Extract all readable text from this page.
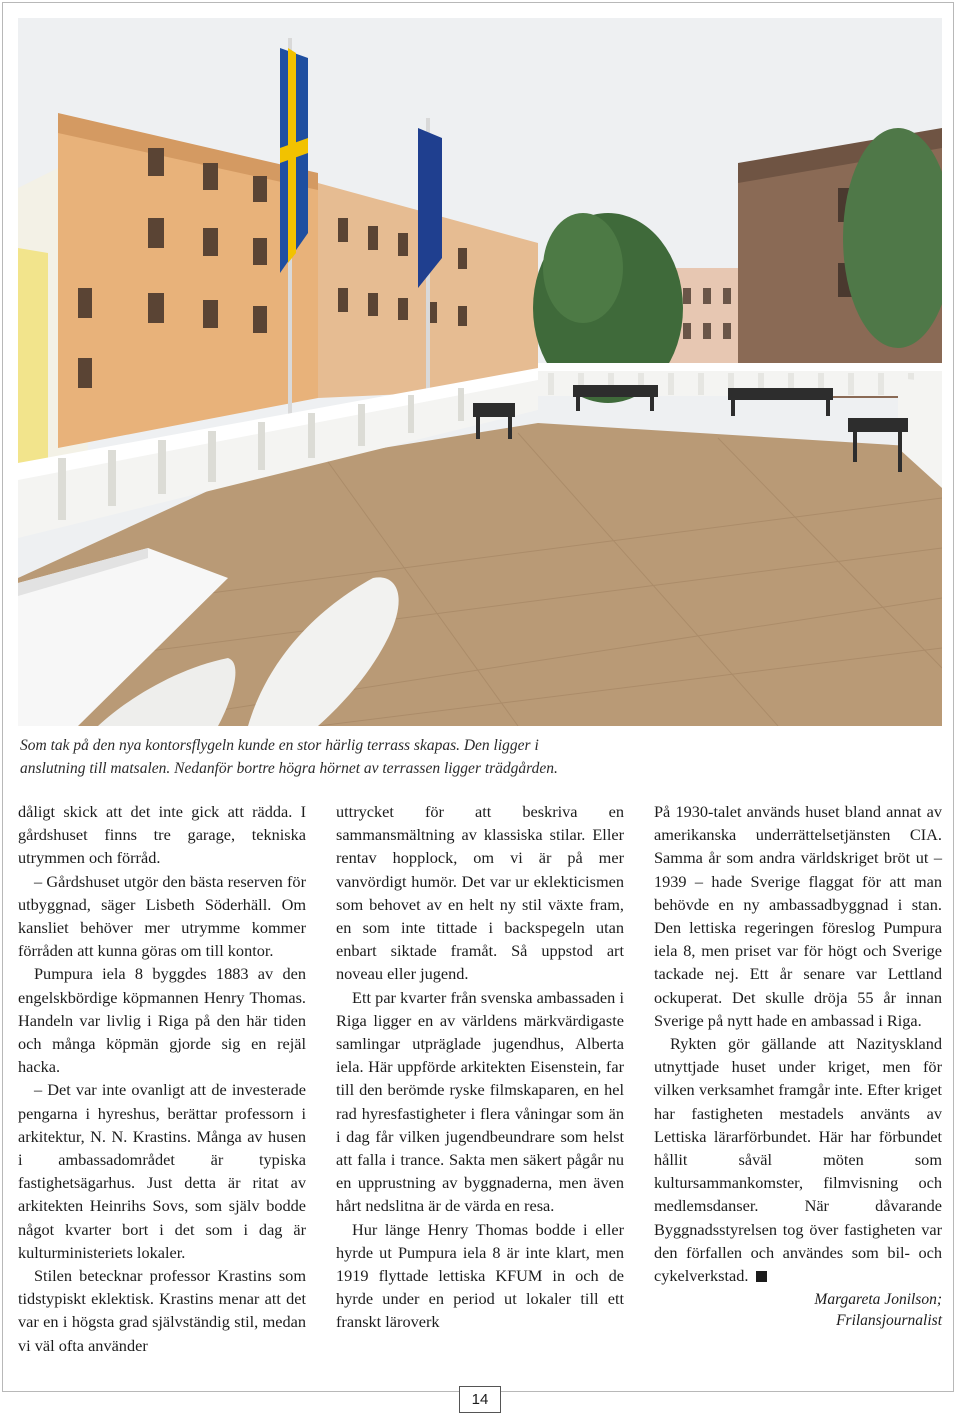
Som tak på den nya kontorsflygeln kunde en stor härlig terrass skapas. Den ligger i

anslutning till matsalen. Nedanför bortre högra hörnet av terrassen ligger trädgården.

dåligt skick att det inte gick att rädda. I gårdshuset finns tre garage, tekniska utrymmen och förråd.

– Gårdshuset utgör den bästa reserven för utbyggnad, säger Lisbeth Söderhäll. Om kansliet behöver mer utrymme kommer förråden att kunna göras om till kontor.

Pumpura iela 8 byggdes 1883 av den engelskbördige köpmannen Henry Thomas. Handeln var livlig i Riga på den här tiden och många köpmän gjorde sig en rejäl hacka.

– Det var inte ovanligt att de investerade pengarna i hyreshus, berättar professorn i arkitektur, N. N. Krastins. Många av husen i ambassadområdet är typiska fastighetsägarhus. Just detta är ritat av arkitekten Heinrihs Sovs, som själv bodde något kvarter bort i det som i dag är kulturministeriets lokaler.

Stilen betecknar professor Krastins som tidstypiskt eklektisk. Krastins menar att det var en i högsta grad självständig stil, medan vi väl ofta använder

uttrycket för att beskriva en sammansmältning av klassiska stilar. Eller rentav hopplock, om vi är på mer vanvördigt humör. Det var ur eklekticismen som behovet av en helt ny stil växte fram, en som inte tittade i backspegeln utan enbart siktade framåt. Så uppstod art noveau eller jugend.

Ett par kvarter från svenska ambassaden i Riga ligger en av världens märkvärdigaste samlingar utpräglade jugendhus, Alberta iela. Här uppförde arkitekten Eisenstein, far till den berömde ryske filmskaparen, en hel rad hyresfastigheter i flera våningar som än i dag får vilken jugendbeundrare som helst att falla i trance. Sakta men säkert pågår nu en upprustning av byggnaderna, men även hårt nedslitna är de värda en resa.

Hur länge Henry Thomas bodde i eller hyrde ut Pumpura iela 8 är inte klart, men 1919 flyttade lettiska KFUM in och de hyrde under en period ut lokaler till ett franskt läroverk

På 1930-talet används huset bland annat av amerikanska underrättelsetjänsten CIA. Samma år som andra världskriget bröt ut – 1939 – hade Sverige flaggat för att man behövde en ny ambassadbyggnad i stan. Den lettiska regeringen föreslog Pumpura iela 8, men priset var för högt och Sverige tackade nej. Ett år senare var Lettland ockuperat. Det skulle dröja 55 år innan Sverige på nytt hade en ambassad i Riga.

Rykten gör gällande att Nazityskland utnyttjade huset under kriget, men för vilken verksamhet framgår inte. Efter kriget har fastigheten mestadels använts av Lettiska lärarförbundet. Här har förbundet hållit såväl möten som kultursammankomster, filmvisning och medlemsdanser. När dåvarande Byggnadsstyrelsen tog över fastigheten var den förfallen och användes som bil- och cykelverkstad.

Margareta Jonilson;
Frilansjournalist
14
